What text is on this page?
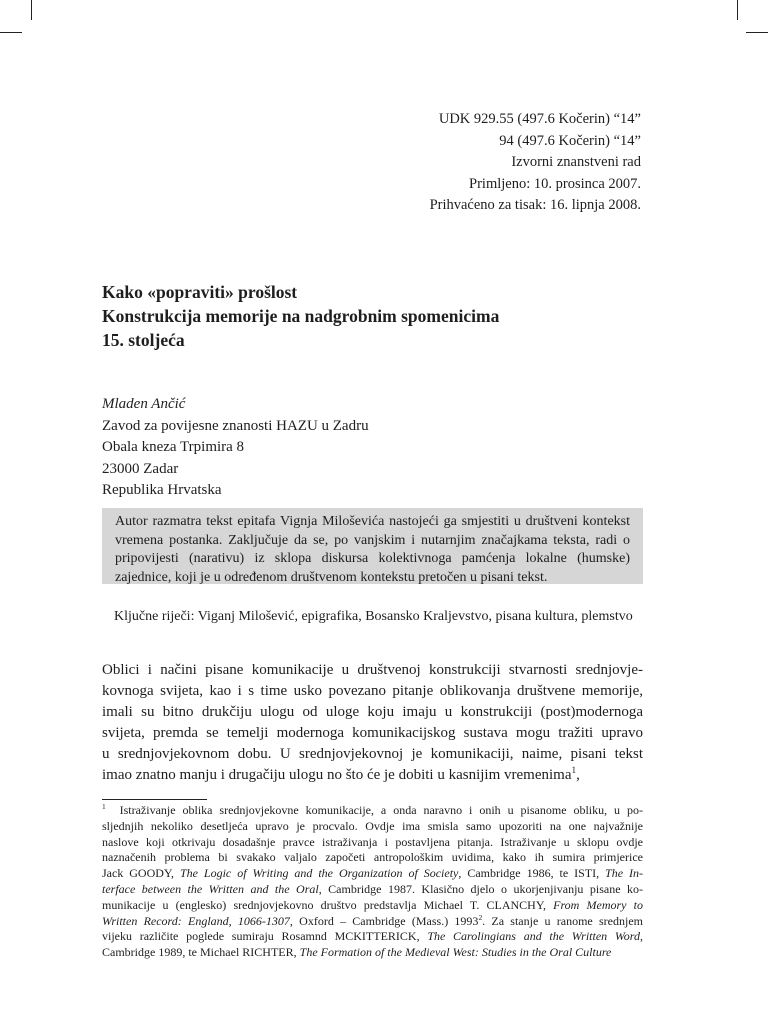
UDK 929.55 (497.6 Kočerin) “14”
94 (497.6 Kočerin) “14”
Izvorni znanstveni rad
Primljeno: 10. prosinca 2007.
Prihvaćeno za tisak: 16. lipnja 2008.
Kako «popraviti» prošlost
Konstrukcija memorije na nadgrobnim spomenicima
15. stoljeća
Mladen Ančić
Zavod za povijesne znanosti HAZU u Zadru
Obala kneza Trpimira 8
23000 Zadar
Republika Hrvatska

Autor razmatra tekst epitafa Vignja Miloševića nastojeći ga smjestiti u društveni kontekst vremena postanka. Zaključuje da se, po vanjskim i nutarnjim značajkama teksta, radi o pripovijesti (narativu) iz sklopa diskursa kolektivnoga pamćenja lokalne (humske) zajednice, koji je u određenom društvenom kontekstu pretočen u pisani tekst.

Ključne riječi: Viganj Milošević, epigrafika, Bosansko Kraljevstvo, pisana kultura, plemstvo

Oblici i načini pisane komunikacije u društvenoj konstrukciji stvarnosti srednjovje-
kovnoga svijeta, kao i s time usko povezano pitanje oblikovanja društvene memorije,
imali su bitno drukčiju ulogu od uloge koju imaju u konstrukciji (post)modernoga
svijeta, premda se temelji modernoga komunikacijskog sustava mogu tražiti upravo
u srednjovjekovnom dobu. U srednjovjekovnoj je komunikaciji, naime, pisani tekst
imao znatno manju i drugačiju ulogu no što će je dobiti u kasnijim vremenima$^1$,
$^1$ Istraživanje oblika srednjovjekovne komunikacije, a onda naravno i onih u pisanome obliku, u po-
sljednjih nekoliko desetljeća upravo je procvalo. Ovdje ima smisla samo upozoriti na one najvažnije
naslove koji otkrivaju dosadašnje pravce istraživanja i postavljena pitanja. Istraživanje u sklopu ovdje
naznačenih problema bi svakako valjalo započeti antropološkim uvidima, kako ih sumira primjerice
Jack GOODY, The Logic of Writing and the Organization of Society, Cambridge 1986, te ISTI, The In-
terface between the Written and the Oral, Cambridge 1987. Klasično djelo o ukorjenjivanju pisane ko-
munikacije u (englesko) srednjovjekovno društvo predstavlja Michael T. CLANCHY, From Memory to
Written Record: England, 1066-1307, Oxford – Cambridge (Mass.) 1993$^2$. Za stanje u ranome srednjem
vijeku različite poglede sumiraju Rosamnd MCKITTERICK, The Carolingians and the Written Word,
Cambridge 1989, te Michael RICHTER, The Formation of the Medieval West: Studies in the Oral Culture
